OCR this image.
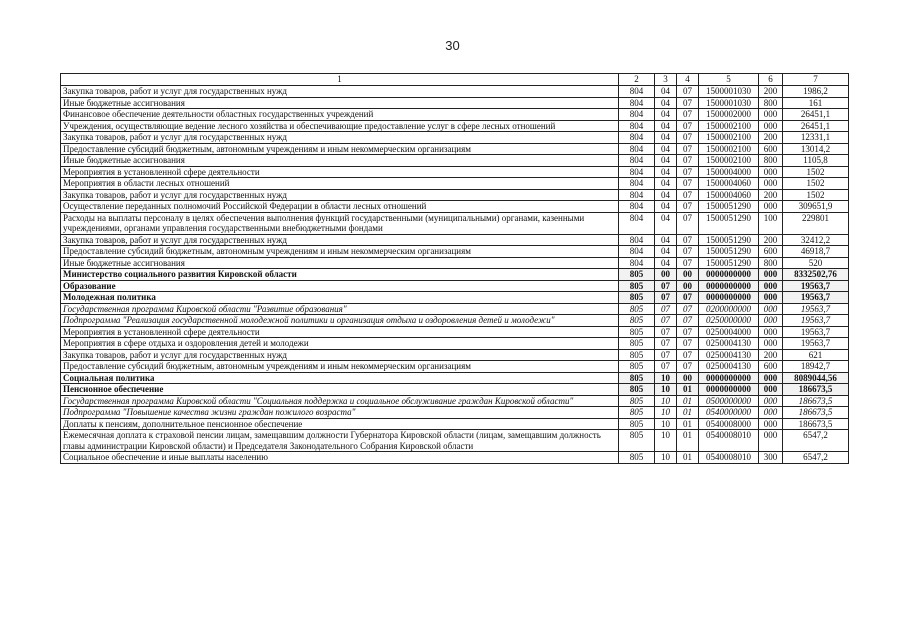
30
1	2	3	4	5	6	7
Закупка товаров, работ и услуг для государственных нужд	804	04	07	1500001030	200	1986,2
Иные бюджетные ассигнования	804	04	07	1500001030	800	161
Финансовое обеспечение деятельности областных государственных учреждений	804	04	07	1500002000	000	26451,1
Учреждения, осуществляющие ведение лесного хозяйства и обеспечивающие предоставление услуг в сфере лесных отношений	804	04	07	1500002100	000	26451,1
Закупка товаров, работ и услуг для государственных нужд	804	04	07	1500002100	200	12331,1
Предоставление субсидий бюджетным, автономным учреждениям и иным некоммерческим организациям	804	04	07	1500002100	600	13014,2
Иные бюджетные ассигнования	804	04	07	1500002100	800	1105,8
Мероприятия в установленной сфере деятельности	804	04	07	1500004000	000	1502
Мероприятия в области лесных отношений	804	04	07	1500004060	000	1502
Закупка товаров, работ и услуг для государственных нужд	804	04	07	1500004060	200	1502
Осуществление переданных полномочий Российской Федерации в области лесных отношений	804	04	07	1500051290	000	309651,9
Расходы на выплаты персоналу в целях обеспечения выполнения функций государственными (муниципальными) органами, казенными учреждениями, органами управления государственными внебюджетными фондами	804	04	07	1500051290	100	229801
Закупка товаров, работ и услуг для государственных нужд	804	04	07	1500051290	200	32412,2
Предоставление субсидий бюджетным, автономным учреждениям и иным некоммерческим организациям	804	04	07	1500051290	600	46918,7
Иные бюджетные ассигнования	804	04	07	1500051290	800	520
Министерство социального развития Кировской области	805	00	00	0000000000	000	8332502,76
Образование	805	07	00	0000000000	000	19563,7
Молодежная политика	805	07	07	0000000000	000	19563,7
Государственная программа Кировской области "Развитие образования"	805	07	07	0200000000	000	19563,7
Подпрограмма "Реализация государственной молодежной политики и организация отдыха и оздоровления детей и молодежи"	805	07	07	0250000000	000	19563,7
Мероприятия в установленной сфере деятельности	805	07	07	0250004000	000	19563,7
Мероприятия в сфере отдыха и оздоровления детей и молодежи	805	07	07	0250004130	000	19563,7
Закупка товаров, работ и услуг для государственных нужд	805	07	07	0250004130	200	621
Предоставление субсидий бюджетным, автономным учреждениям и иным некоммерческим организациям	805	07	07	0250004130	600	18942,7
Социальная политика	805	10	00	0000000000	000	8089044,56
Пенсионное обеспечение	805	10	01	0000000000	000	186673,5
Государственная программа Кировской области "Социальная поддержка и социальное обслуживание граждан Кировской области"	805	10	01	0500000000	000	186673,5
Подпрограмма "Повышение качества жизни граждан пожилого возраста"	805	10	01	0540000000	000	186673,5
Доплаты к пенсиям, дополнительное пенсионное обеспечение	805	10	01	0540008000	000	186673,5
Ежемесячная доплата к страховой пенсии лицам, замещавшим должности Губернатора Кировской области (лицам, замещавшим должность главы администрации Кировской области) и Председателя Законодательного Собрания Кировской области	805	10	01	0540008010	000	6547,2
Социальное обеспечение и иные выплаты населению	805	10	01	0540008010	300	6547,2
